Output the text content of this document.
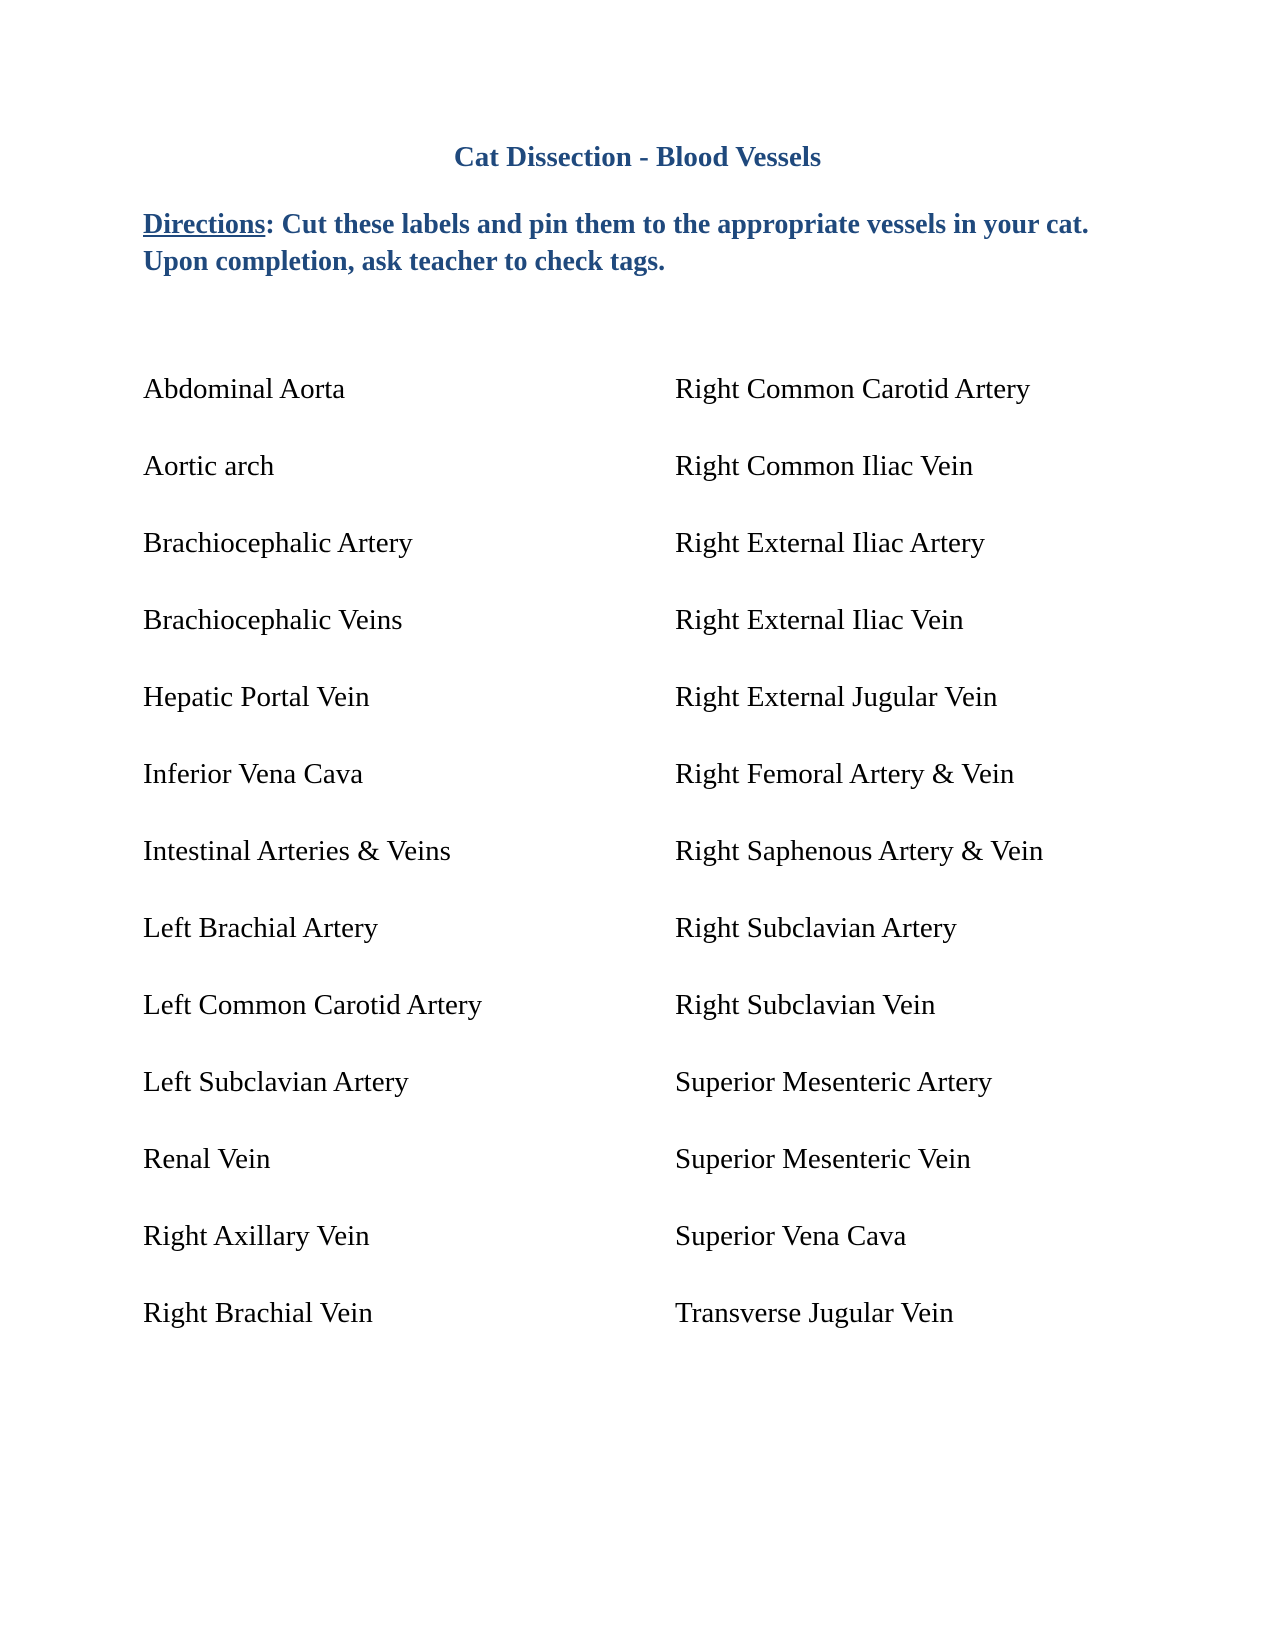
Cat Dissection - Blood Vessels

Directions: Cut these labels and pin them to the appropriate vessels in your cat. Upon completion, ask teacher to check tags.

Abdominal Aorta
Aortic arch
Brachiocephalic Artery
Brachiocephalic Veins
Hepatic Portal Vein
Inferior Vena Cava
Intestinal Arteries & Veins
Left Brachial Artery
Left Common Carotid Artery
Left Subclavian Artery
Renal Vein
Right Axillary Vein
Right Brachial Vein
Right Common Carotid Artery
Right Common Iliac Vein
Right External Iliac Artery
Right External Iliac Vein
Right External Jugular Vein
Right Femoral Artery & Vein
Right Saphenous Artery & Vein
Right Subclavian Artery
Right Subclavian Vein
Superior Mesenteric Artery
Superior Mesenteric Vein
Superior Vena Cava
Transverse Jugular Vein
